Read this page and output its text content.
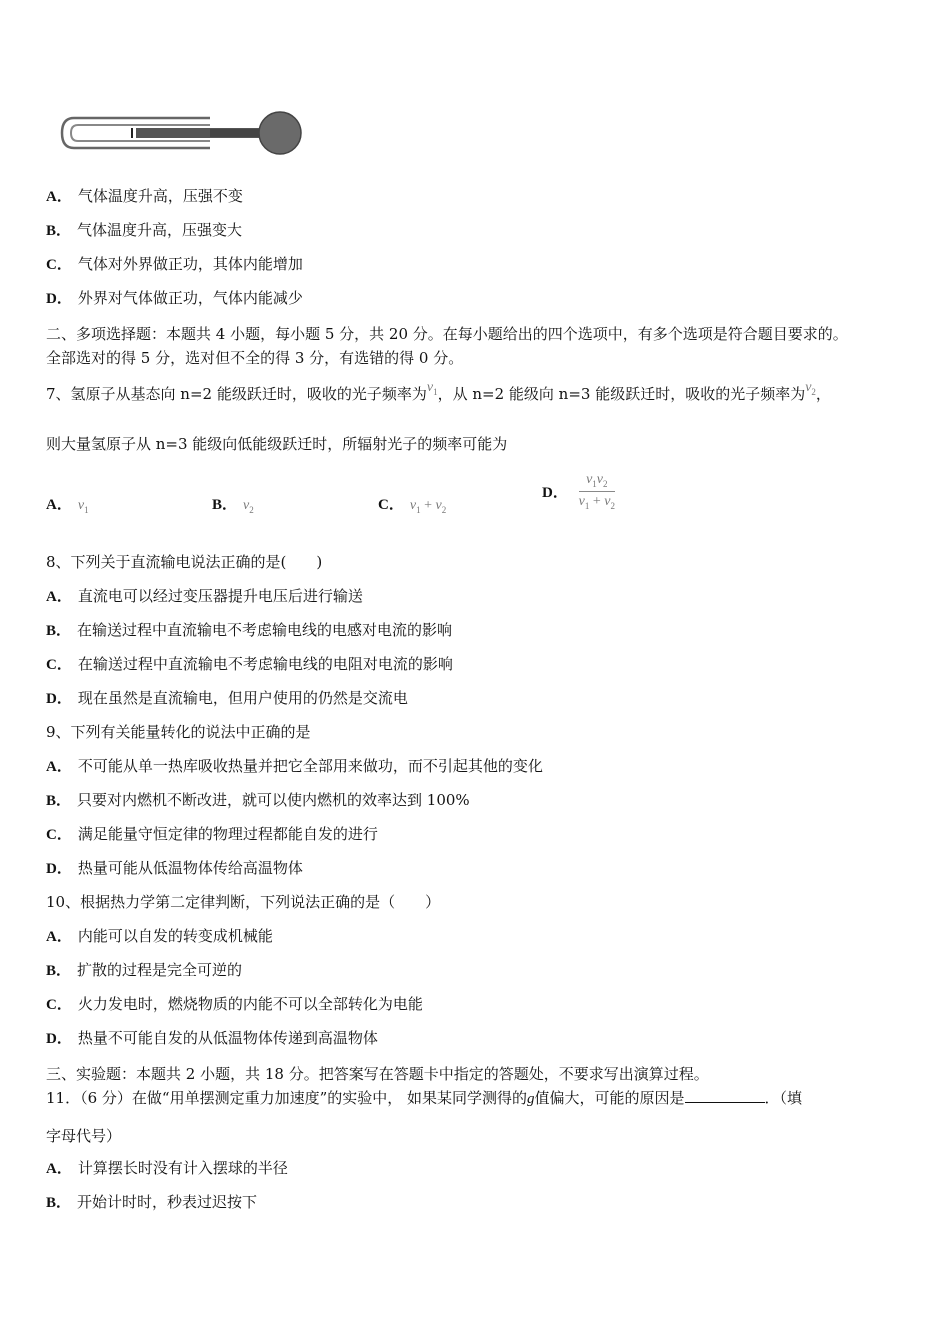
A． 气体温度升高，压强不变
B． 气体温度升高，压强变大
C． 气体对外界做正功，其体内能增加
D． 外界对气体做正功，气体内能减少
二、多项选择题：本题共 4 小题，每小题 5 分，共 20 分。在每小题给出的四个选项中，有多个选项是符合题目要求的。
全部选对的得 5 分，选对但不全的得 3 分，有选错的得 0 分。
7、氢原子从基态向 n=2 能级跃迁时，吸收的光子频率为$v_1$，从 n=2 能级向 n=3 能级跃迁时，吸收的光子频率为$v_2$，
则大量氢原子从 n=3 能级向低能级跃迁时，所辐射光子的频率可能为
A． $v_1$	B． $v_2$	C． $v_1 + v_2$
D． $\frac{v_1v_2}{v_1 + v_2}$
8、下列关于直流输电说法正确的是(　　)
A． 直流电可以经过变压器提升电压后进行输送
B． 在输送过程中直流输电不考虑输电线的电感对电流的影响
C． 在输送过程中直流输电不考虑输电线的电阻对电流的影响
D． 现在虽然是直流输电，但用户使用的仍然是交流电
9、下列有关能量转化的说法中正确的是
A． 不可能从单一热库吸收热量并把它全部用来做功，而不引起其他的变化
B． 只要对内燃机不断改进，就可以使内燃机的效率达到 100%
C． 满足能量守恒定律的物理过程都能自发的进行
D． 热量可能从低温物体传给高温物体
10、根据热力学第二定律判断，下列说法正确的是（　　）
A． 内能可以自发的转变成机械能
B． 扩散的过程是完全可逆的
C． 火力发电时，燃烧物质的内能不可以全部转化为电能
D． 热量不可能自发的从低温物体传递到高温物体
三、实验题：本题共 2 小题，共 18 分。把答案写在答题卡中指定的答题处，不要求写出演算过程。
11．（6 分）在做“用单摆测定重力加速度”的实验中， 如果某同学测得的g值偏大，可能的原因是	．（填
字母代号）
A． 计算摆长时没有计入摆球的半径
B． 开始计时时，秒表过迟按下
